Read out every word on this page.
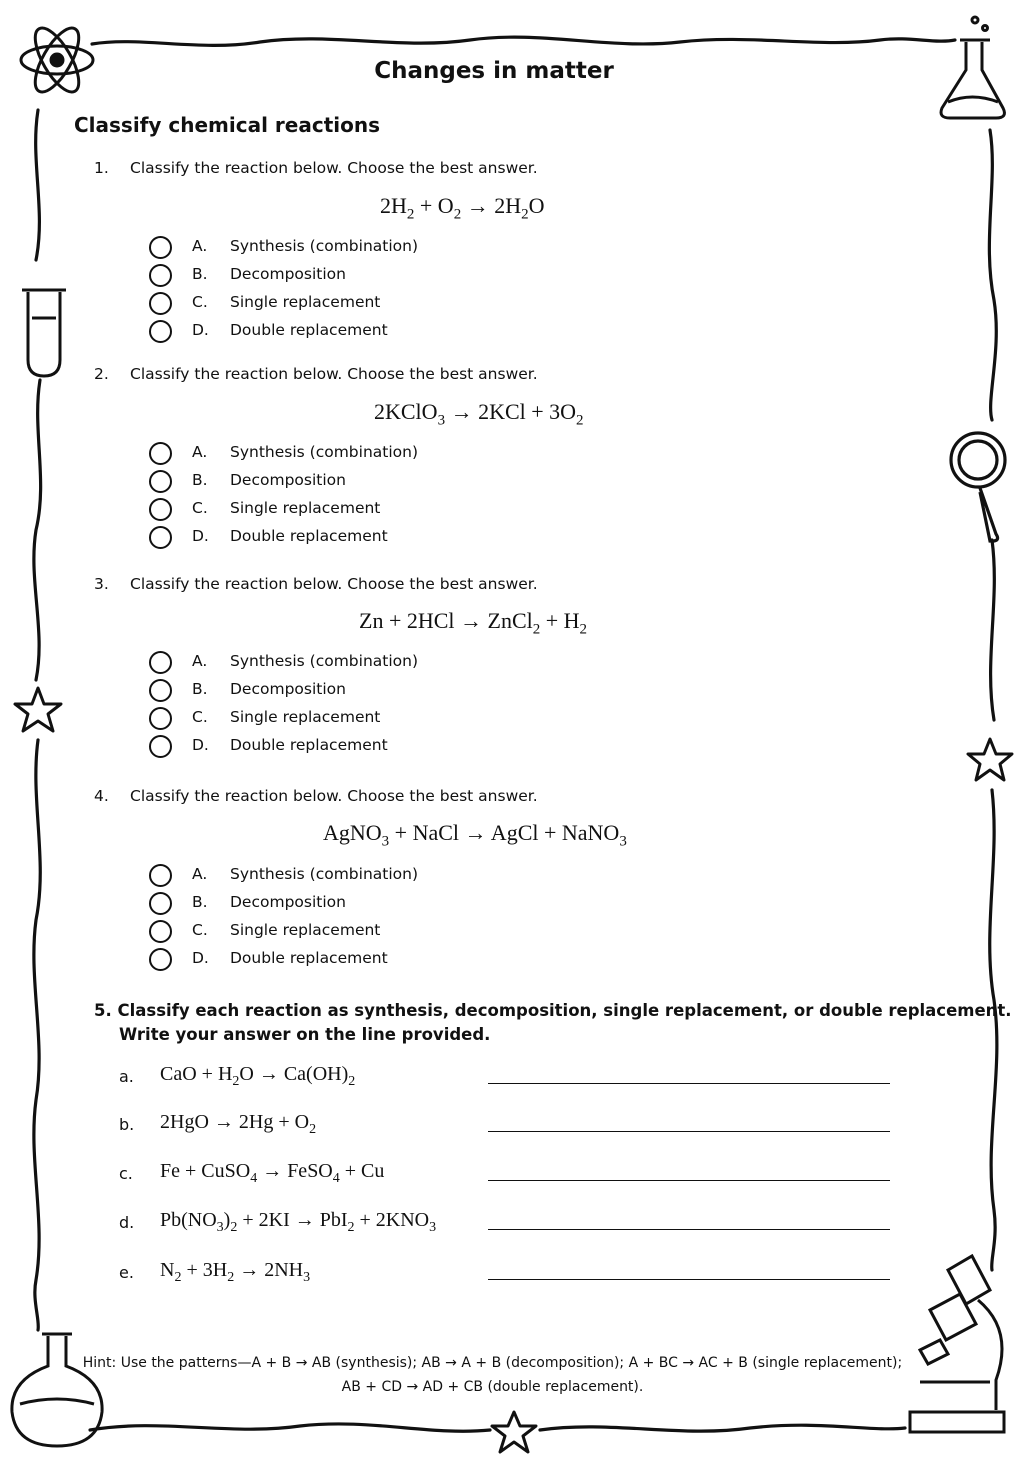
Changes in matter
Classify chemical reactions
1. Classify the reaction below. Choose the best answer.
$2H_2 + O_2 \to 2H_2O$
A. Synthesis (combination)
B. Decomposition
C. Single replacement
D. Double replacement
2. Classify the reaction below. Choose the best answer.
2KClO$_3$ → $2KCl + 3O_2$
A. Synthesis (combination)
B. Decomposition
C. Single replacement
D. Double replacement
3. Classify the reaction below. Choose the best answer.
Zn + 2HCl → ZnCl$_2$ + $H_2$
A. Synthesis (combination)
B. Decomposition
C. Single replacement
D. Double replacement
4. Classify the reaction below. Choose the best answer.
AgNO$_3$ + NaCl → AgCl + NaNO$_3$
A. Synthesis (combination)
B. Decomposition
C. Single replacement
D. Double replacement
5. Classify each reaction as synthesis, decomposition, single replacement, or double replacement.
Write your answer on the line provided.
a. CaO + $H_2O \to Ca(OH)_2$
b. $2HgO \to 2Hg + O_2$
c. Fe + CuSO$_4$ → FeSO$_4$ + Cu
d. $Pb(NO_3)_2 + 2KI \to PbI_2 + 2KNO_3$
e. $N_2 + 3H_2 \to 2NH_3$
Hint: Use the patterns—A + B → AB (synthesis); AB → A + B (decomposition); A + BC → AC + B (single replacement);
AB + CD → AD + CB (double replacement).
